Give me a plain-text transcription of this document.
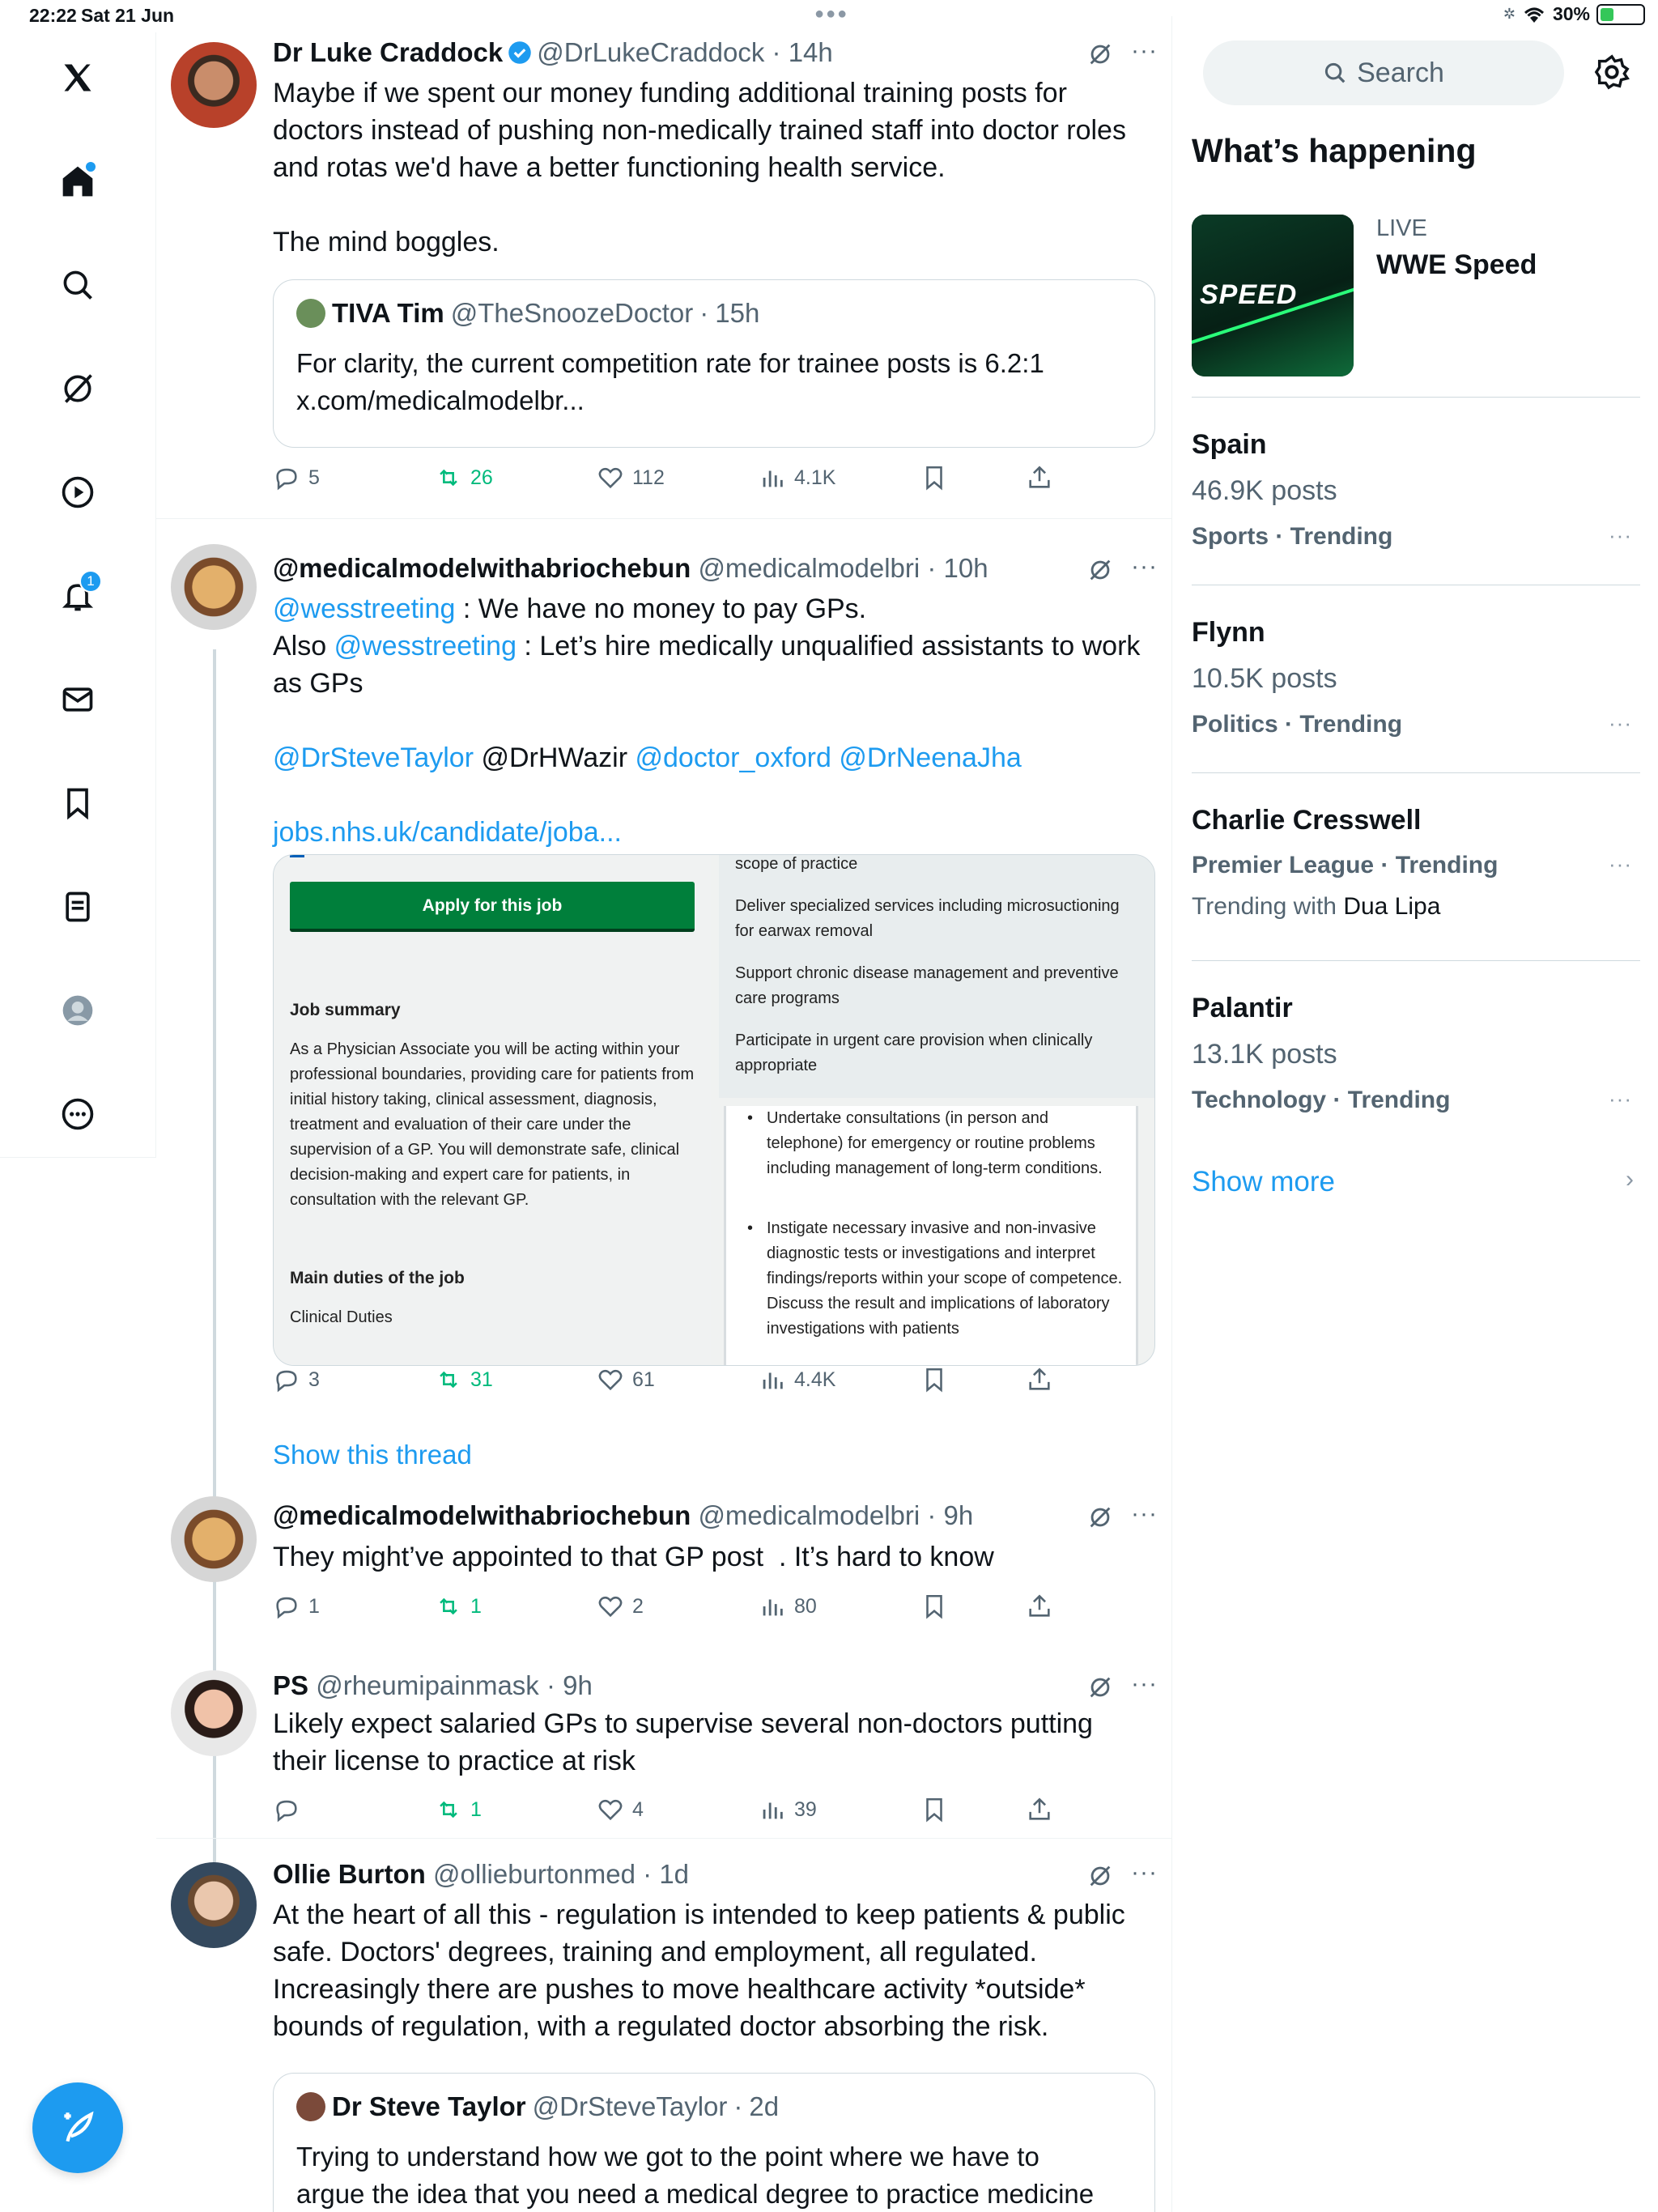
22:22 Sat 21 Jun	●●●	✲ 30%
1
Dr Luke Craddock @DrLukeCraddock · 14h	···
Maybe if we spent our money funding additional training posts for
doctors instead of pushing non-medically trained staff into doctor roles
and rotas we'd have a better functioning health service.

The mind boggles.
TIVA Tim @TheSnoozeDoctor · 15h
For clarity, the current competition rate for trainee posts is 6.2:1
x.com/medicalmodelbr...
5	26	112	4.1K
@medicalmodelwithabriochebun @medicalmodelbri · 10h	···
@wesstreeting : We have no money to pay GPs.
Also @wesstreeting : Let’s hire medically unqualified assistants to work
as GPs

@DrSteveTaylor @DrHWazir @doctor_oxford @DrNeenaJha

jobs.nhs.uk/candidate/joba...
Apply for this job
Job summary
As a Physician Associate you will be acting within your professional boundaries, providing care for patients from initial history taking, clinical assessment, diagnosis, treatment and evaluation of their care under the supervision of a GP. You will demonstrate safe, clinical decision-making and expert care for patients, in consultation with the relevant GP.
Main duties of the job
Clinical Duties
scope of practice
Deliver specialized services including microsuctioning for earwax removal
Support chronic disease management and preventive care programs
Participate in urgent care provision when clinically appropriate
• Undertake consultations (in person and telephone) for emergency or routine problems including management of long-term conditions.
• Instigate necessary invasive and non-invasive diagnostic tests or investigations and interpret findings/reports within your scope of competence. Discuss the result and implications of laboratory investigations with patients
3	31	61	4.4K
Show this thread
@medicalmodelwithabriochebun @medicalmodelbri · 9h	···
They might’ve appointed to that GP post  . It’s hard to know
1	1	2	80
PS @rheumipainmask · 9h	···
Likely expect salaried GPs to supervise several non-doctors putting
their license to practice at risk
1	4	39
Ollie Burton @ollieburtonmed · 1d	···
At the heart of all this - regulation is intended to keep patients & public
safe. Doctors' degrees, training and employment, all regulated.
Increasingly there are pushes to move healthcare activity *outside*
bounds of regulation, with a regulated doctor absorbing the risk.
Dr Steve Taylor @DrSteveTaylor · 2d
Trying to understand how we got to the point where we have to
argue the idea that you need a medical degree to practice medicine
Search
What’s happening
SPEED
LIVE
WWE Speed
Spain
46.9K posts
Sports · Trending	···
Flynn
10.5K posts
Politics · Trending	···
Charlie Cresswell
Premier League · Trending	···
Trending with Dua Lipa
Palantir
13.1K posts
Technology · Trending	···
Show more	›
